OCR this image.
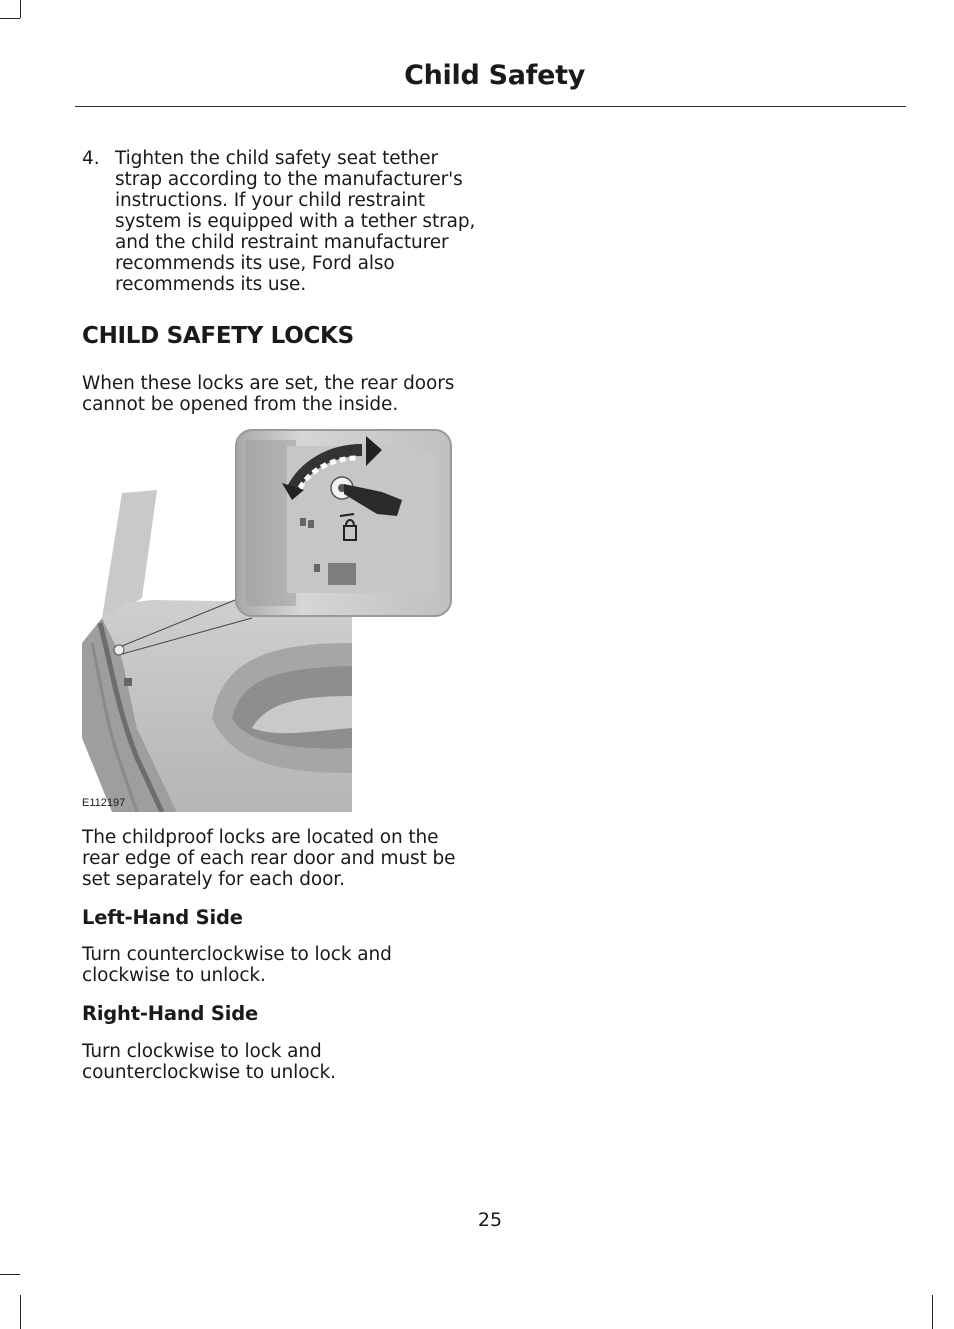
Child Safety
4. Tighten the child safety seat tether strap according to the manufacturer's instructions. If your child restraint system is equipped with a tether strap, and the child restraint manufacturer recommends its use, Ford also recommends its use.

CHILD SAFETY LOCKS

When these locks are set, the rear doors cannot be opened from the inside.

E112197

The childproof locks are located on the rear edge of each rear door and must be set separately for each door.

Left-Hand Side

Turn counterclockwise to lock and clockwise to unlock.

Right-Hand Side

Turn clockwise to lock and counterclockwise to unlock.

25
